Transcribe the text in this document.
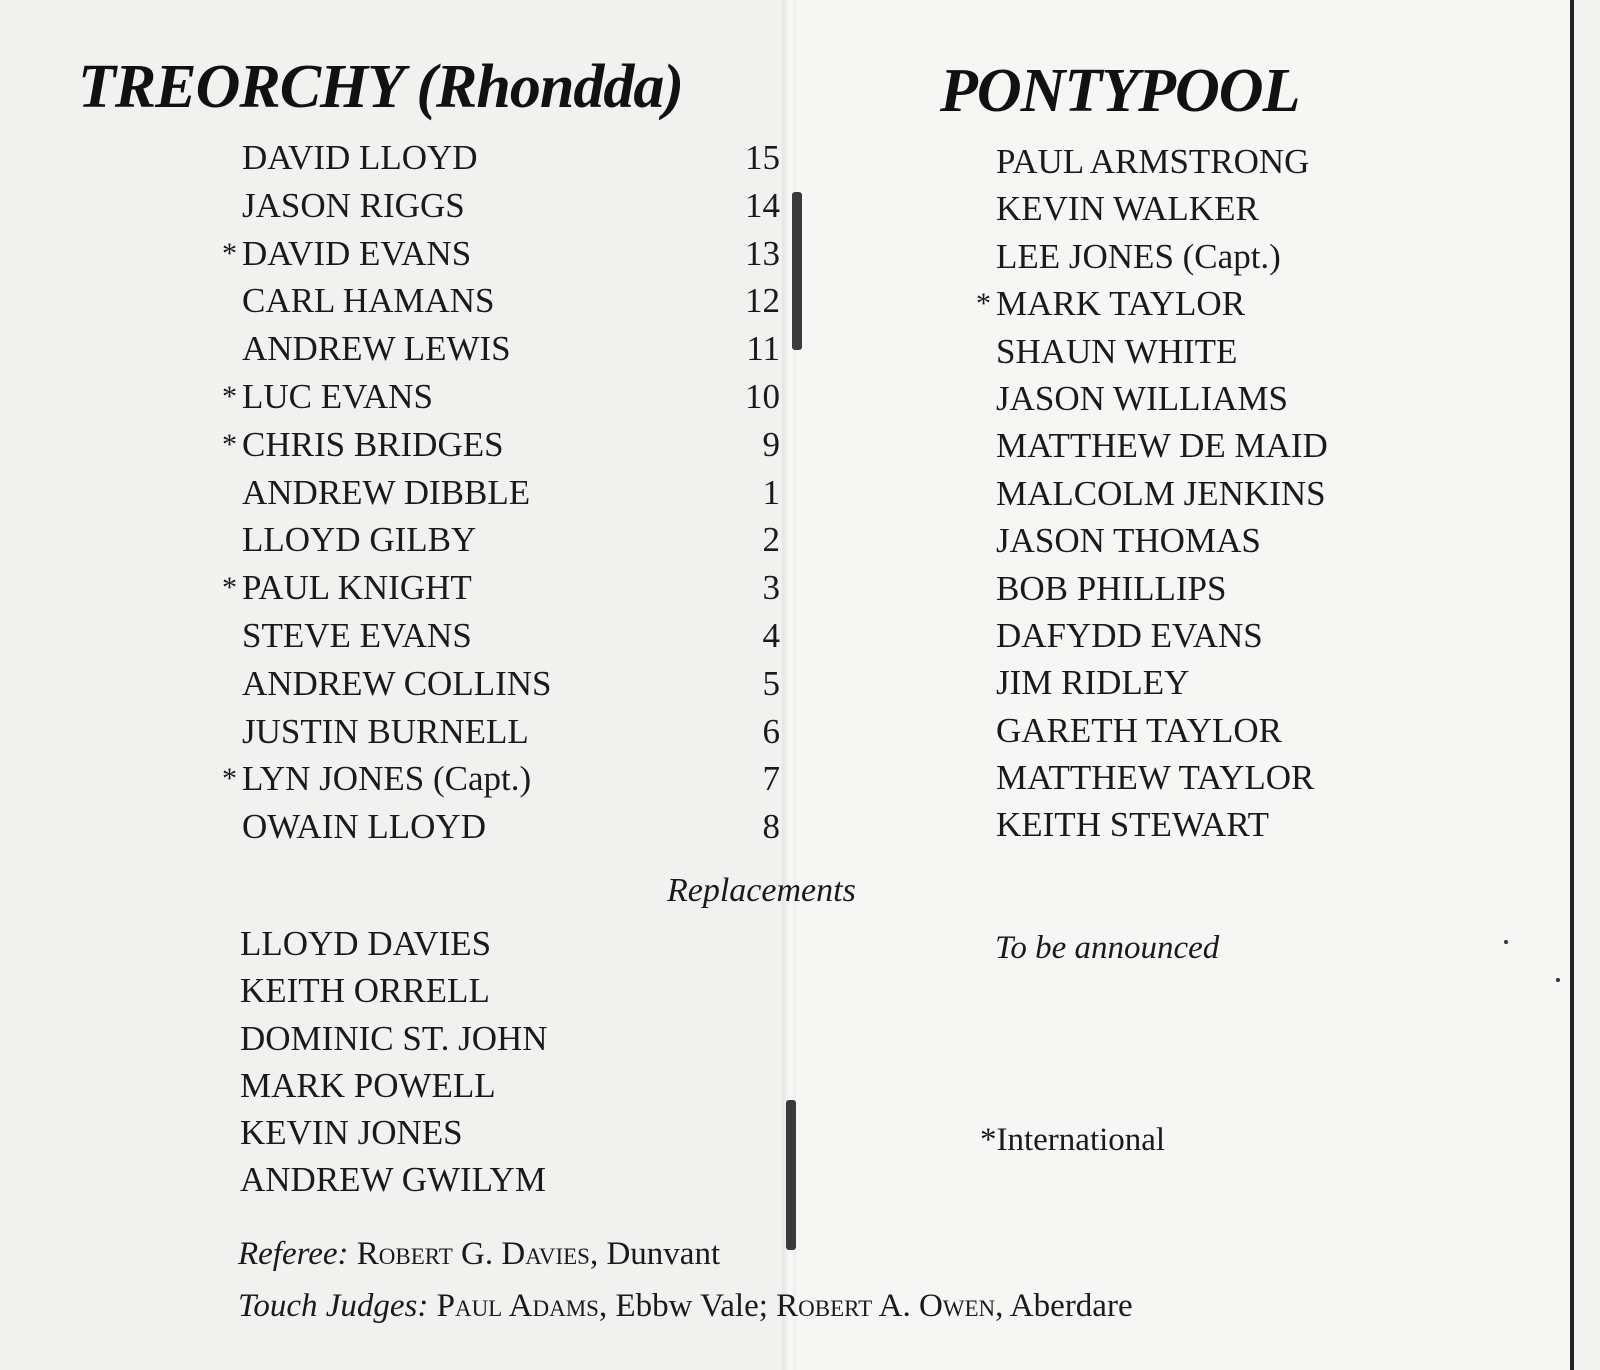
TREORCHY (Rhondda)	PONTYPOOL
DAVID LLOYD	15
JASON RIGGS	14
* DAVID EVANS	13
CARL HAMANS	12
ANDREW LEWIS	11
* LUC EVANS	10
* CHRIS BRIDGES	9
ANDREW DIBBLE	1
LLOYD GILBY	2
* PAUL KNIGHT	3
STEVE EVANS	4
ANDREW COLLINS	5
JUSTIN BURNELL	6
* LYN JONES (Capt.)	7
OWAIN LLOYD	8
PAUL ARMSTRONG
KEVIN WALKER
LEE JONES (Capt.)
* MARK TAYLOR
SHAUN WHITE
JASON WILLIAMS
MATTHEW DE MAID
MALCOLM JENKINS
JASON THOMAS
BOB PHILLIPS
DAFYDD EVANS
JIM RIDLEY
GARETH TAYLOR
MATTHEW TAYLOR
KEITH STEWART
Replacements
LLOYD DAVIES
KEITH ORRELL
DOMINIC ST. JOHN
MARK POWELL
KEVIN JONES
ANDREW GWILYM

To be announced

*International

Referee: Robert G. Davies, Dunvant
Touch Judges: Paul Adams, Ebbw Vale; Robert A. Owen, Aberdare
